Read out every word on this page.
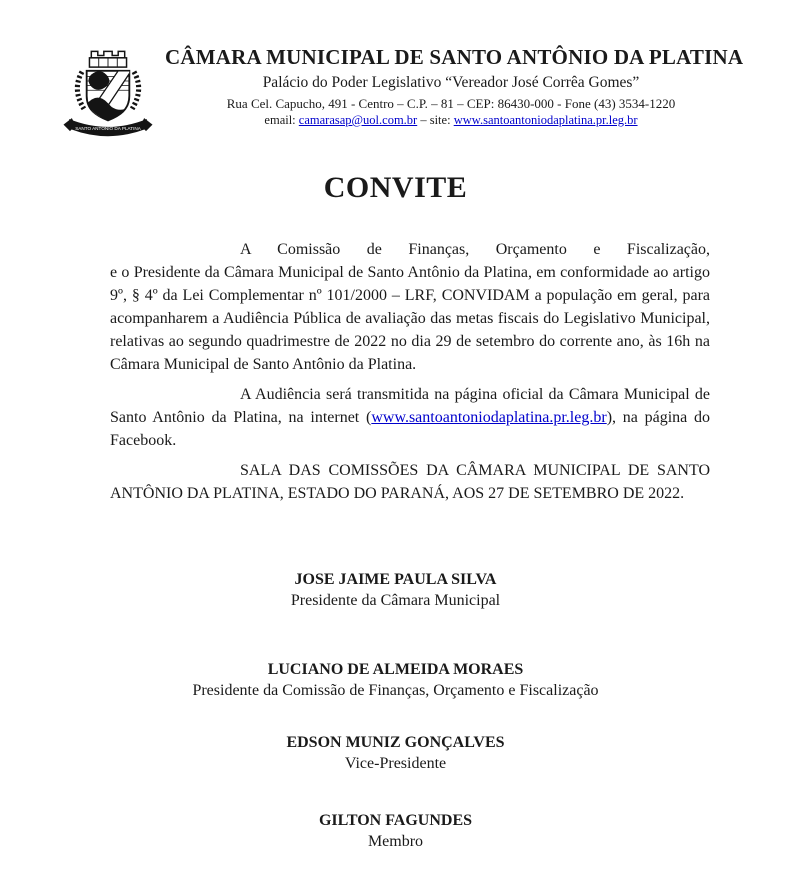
SANTO ANTÔNIO DA PLATINA
CÂMARA MUNICIPAL DE SANTO ANTÔNIO DA PLATINA
Palácio do Poder Legislativo “Vereador José Corrêa Gomes”
Rua Cel. Capucho, 491 - Centro – C.P. – 81 – CEP: 86430-000 - Fone (43) 3534-1220
email: camarasap@uol.com.br – site: www.santoantoniodaplatina.pr.leg.br
CONVITE
A Comissão de Finanças, Orçamento e Fiscalização,
e o Presidente da Câmara Municipal de Santo Antônio da Platina, em conformidade ao artigo 9º, § 4º da Lei Complementar nº 101/2000 – LRF, CONVIDAM a população em geral, para acompanharem a Audiência Pública de avaliação das metas fiscais do Legislativo Municipal, relativas ao segundo quadrimestre de 2022 no dia 29 de setembro do corrente ano, às 16h na Câmara Municipal de Santo Antônio da Platina.

A Audiência será transmitida na página oficial da Câmara Municipal de Santo Antônio da Platina, na internet (www.santoantoniodaplatina.pr.leg.br), na página do Facebook.

SALA DAS COMISSÕES DA CÂMARA MUNICIPAL DE SANTO ANTÔNIO DA PLATINA, ESTADO DO PARANÁ, AOS 27 DE SETEMBRO DE 2022.

JOSE JAIME PAULA SILVA
Presidente da Câmara Municipal
LUCIANO DE ALMEIDA MORAES
Presidente da Comissão de Finanças, Orçamento e Fiscalização
EDSON MUNIZ GONÇALVES
Vice-Presidente
GILTON FAGUNDES
Membro
